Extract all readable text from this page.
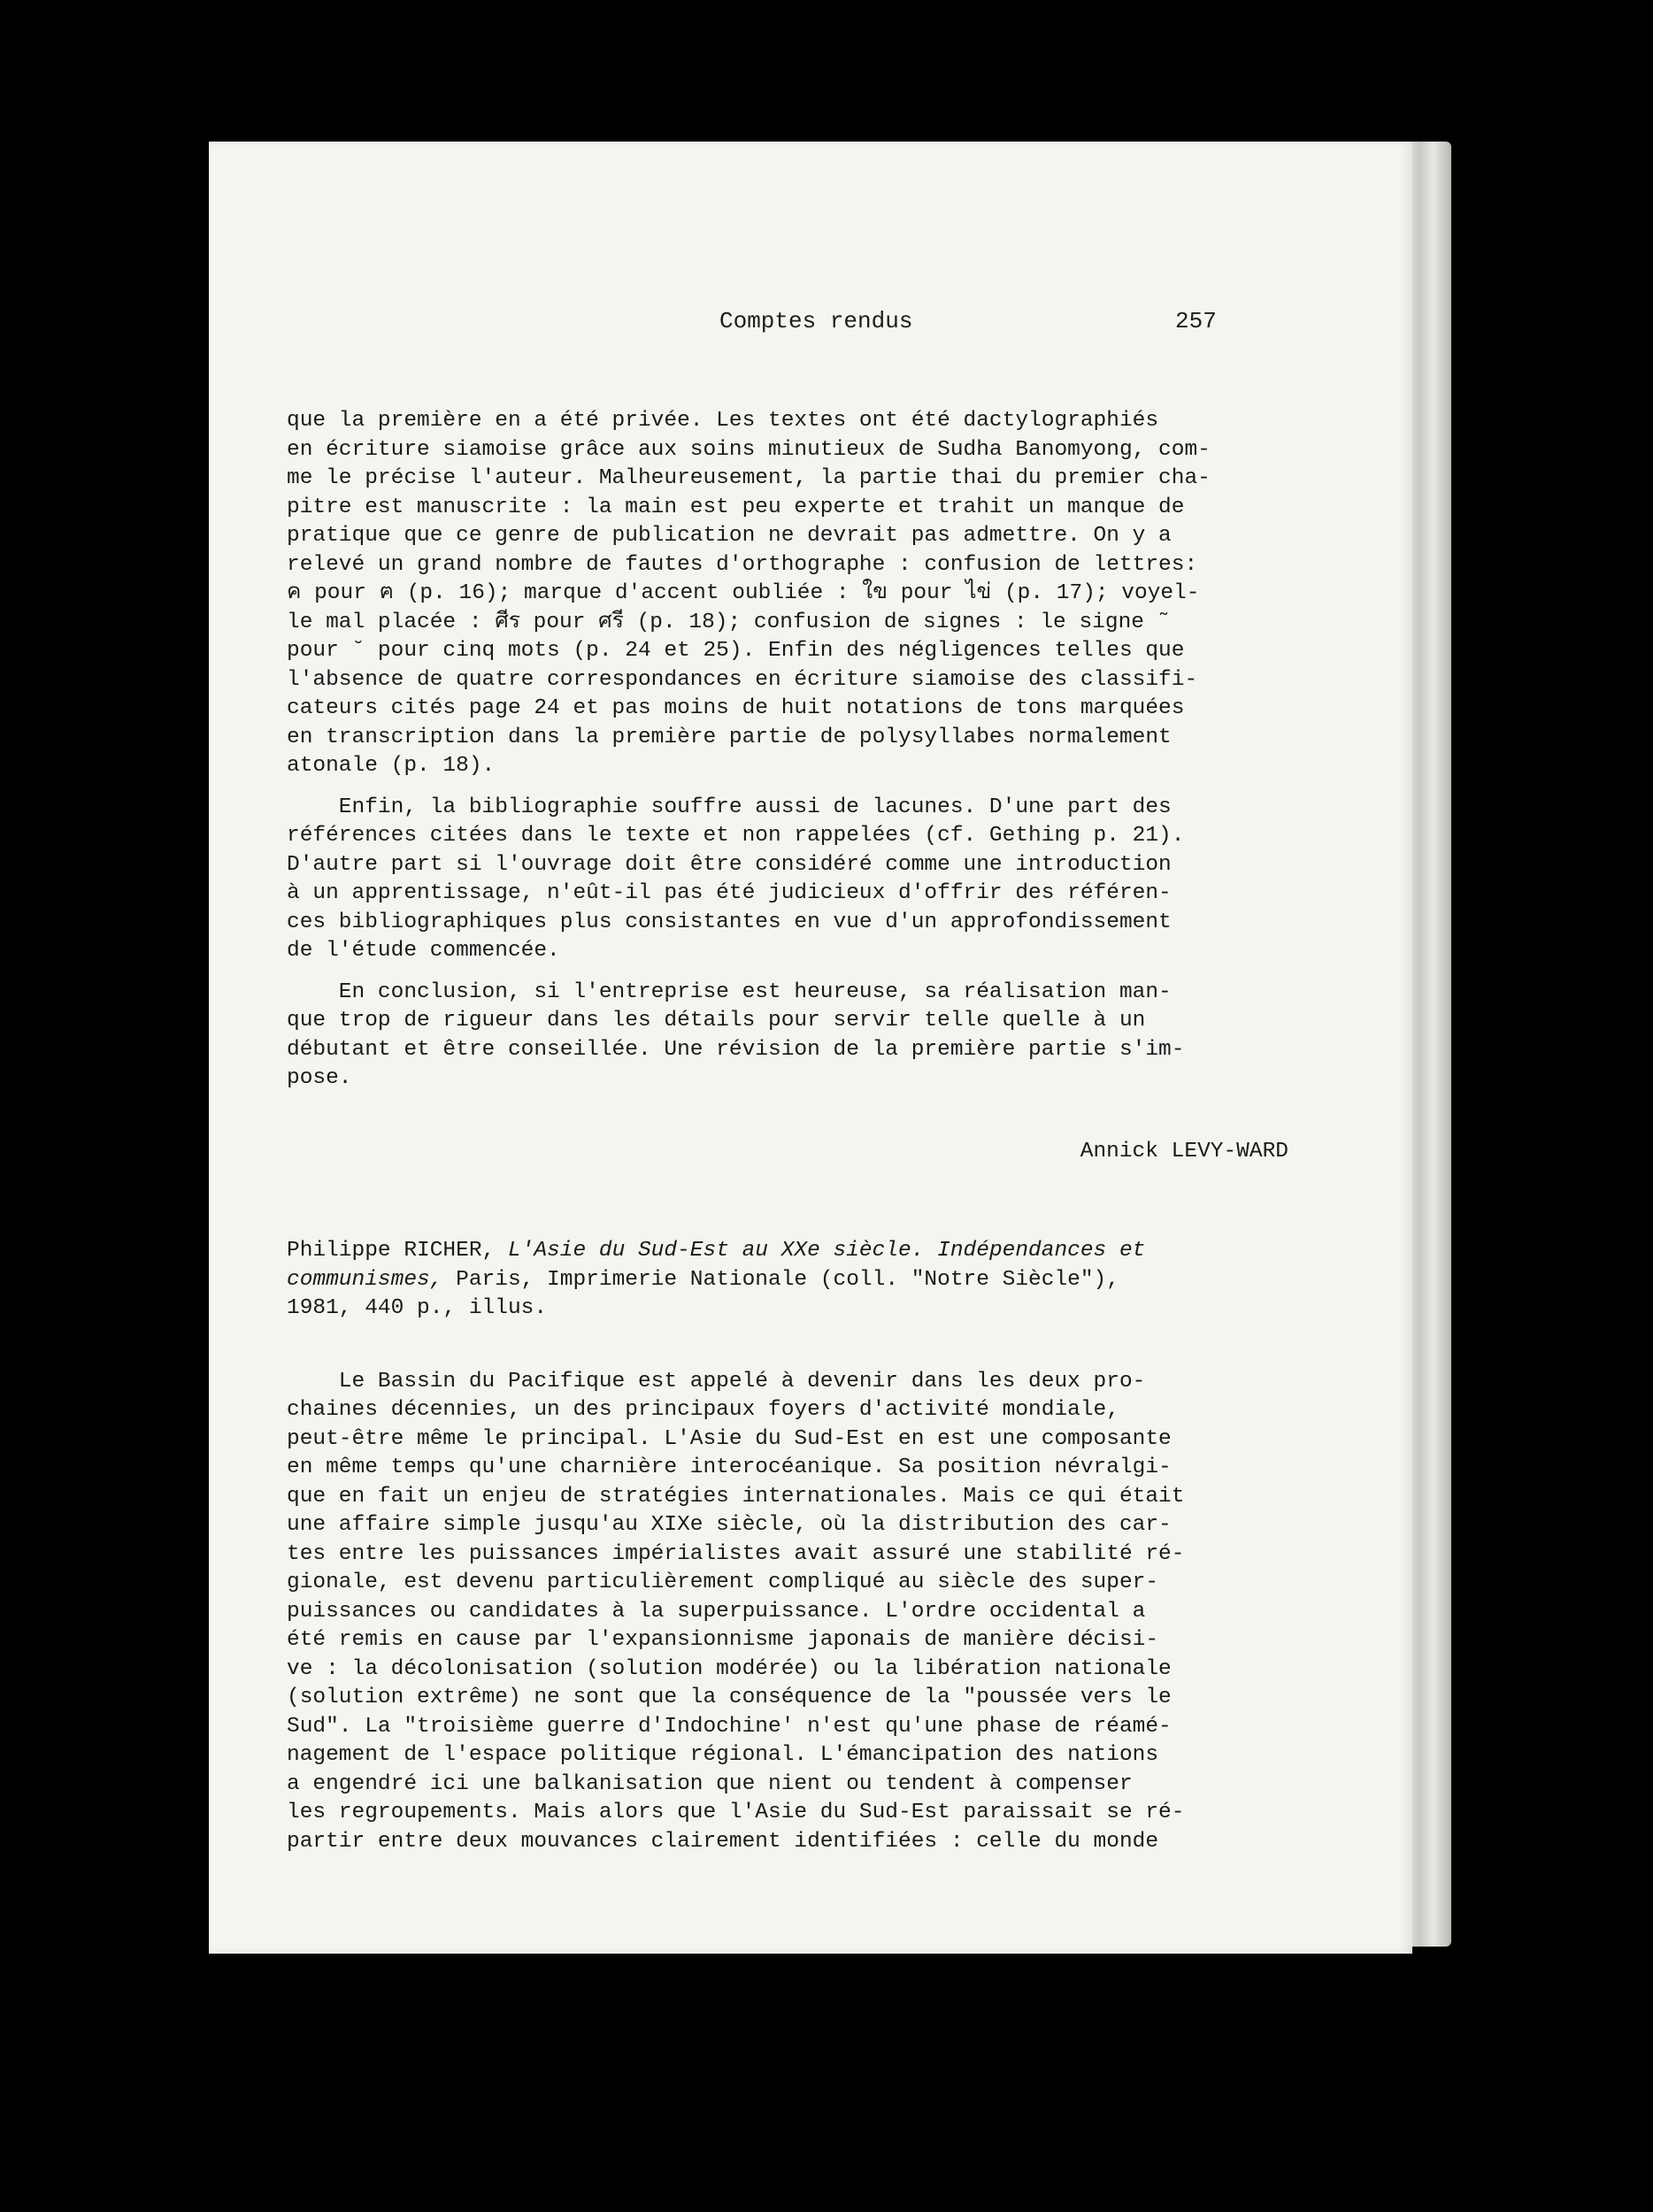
Comptes rendus	257
que la première en a été privée. Les textes ont été dactylographiés
en écriture siamoise grâce aux soins minutieux de Sudha Banomyong, com-
me le précise l'auteur. Malheureusement, la partie thai du premier cha-
pitre est manuscrite : la main est peu experte et trahit un manque de
pratique que ce genre de publication ne devrait pas admettre. On y a
relevé un grand nombre de fautes d'orthographe : confusion de lettres:
ค pour ฅ (p. 16); marque d'accent oubliée : ใข pour ไข่ (p. 17); voyel-
le mal placée : ศีร pour ศรี (p. 18); confusion de signes : le signe ˜
pour ˘ pour cinq mots (p. 24 et 25). Enfin des négligences telles que
l'absence de quatre correspondances en écriture siamoise des classifi-
cateurs cités page 24 et pas moins de huit notations de tons marquées
en transcription dans la première partie de polysyllabes normalement
atonale (p. 18).
Enfin, la bibliographie souffre aussi de lacunes. D'une part des
références citées dans le texte et non rappelées (cf. Gething p. 21).
D'autre part si l'ouvrage doit être considéré comme une introduction
à un apprentissage, n'eût-il pas été judicieux d'offrir des référen-
ces bibliographiques plus consistantes en vue d'un approfondissement
de l'étude commencée.
En conclusion, si l'entreprise est heureuse, sa réalisation man-
que trop de rigueur dans les détails pour servir telle quelle à un
débutant et être conseillée. Une révision de la première partie s'im-
pose.
Annick LEVY-WARD
Philippe RICHER, L'Asie du Sud-Est au XXe siècle. Indépendances et
communismes, Paris, Imprimerie Nationale (coll. "Notre Siècle"),
1981, 440 p., illus.
Le Bassin du Pacifique est appelé à devenir dans les deux pro-
chaines décennies, un des principaux foyers d'activité mondiale,
peut-être même le principal. L'Asie du Sud-Est en est une composante
en même temps qu'une charnière interocéanique. Sa position névralgi-
que en fait un enjeu de stratégies internationales. Mais ce qui était
une affaire simple jusqu'au XIXe siècle, où la distribution des car-
tes entre les puissances impérialistes avait assuré une stabilité ré-
gionale, est devenu particulièrement compliqué au siècle des super-
puissances ou candidates à la superpuissance. L'ordre occidental a
été remis en cause par l'expansionnisme japonais de manière décisi-
ve : la décolonisation (solution modérée) ou la libération nationale
(solution extrême) ne sont que la conséquence de la "poussée vers le
Sud". La "troisième guerre d'Indochine' n'est qu'une phase de réamé-
nagement de l'espace politique régional. L'émancipation des nations
a engendré ici une balkanisation que nient ou tendent à compenser
les regroupements. Mais alors que l'Asie du Sud-Est paraissait se ré-
partir entre deux mouvances clairement identifiées : celle du monde
